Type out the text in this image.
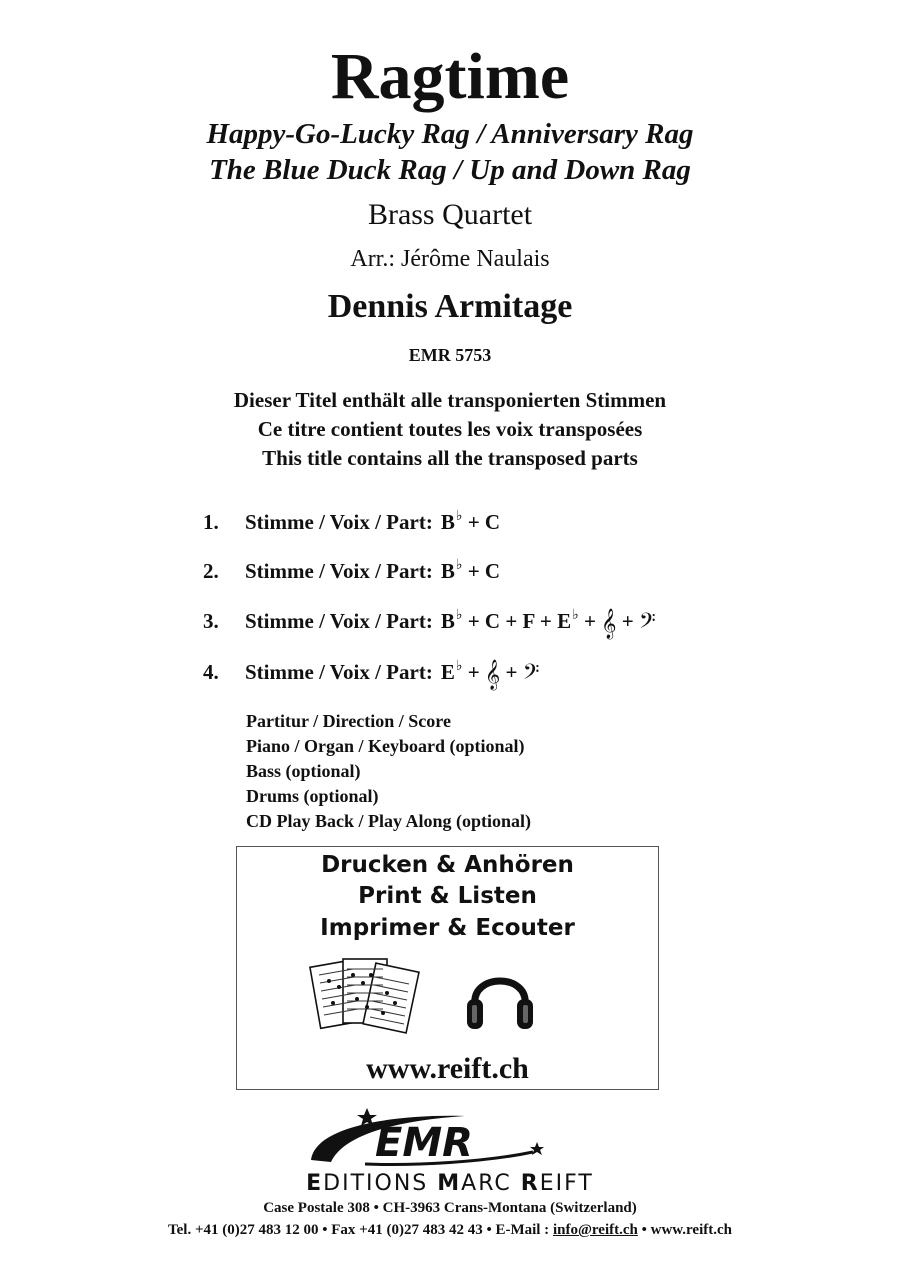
Ragtime
Happy-Go-Lucky Rag / Anniversary Rag
The Blue Duck Rag / Up and Down Rag
Brass Quartet
Arr.: Jérôme Naulais
Dennis Armitage
EMR 5753
Dieser Titel enthält alle transponierten Stimmen
Ce titre contient toutes les voix transposées
This title contains all the transposed parts
1. Stimme / Voix / Part: B♭ + C
2. Stimme / Voix / Part: B♭ + C
3. Stimme / Voix / Part: B♭ + C + F + E♭ + 𝄞 + 𝄢
4. Stimme / Voix / Part: E♭ + 𝄞 + 𝄢
Partitur / Direction / Score
Piano / Organ / Keyboard (optional)
Bass (optional)
Drums (optional)
CD Play Back / Play Along (optional)
Drucken & Anhören
Print & Listen
Imprimer & Ecouter
www.reift.ch
EMR
EDITIONS MARC REIFT
Case Postale 308 • CH-3963 Crans-Montana (Switzerland)
Tel. +41 (0)27 483 12 00 • Fax +41 (0)27 483 42 43 • E-Mail : info@reift.ch • www.reift.ch
